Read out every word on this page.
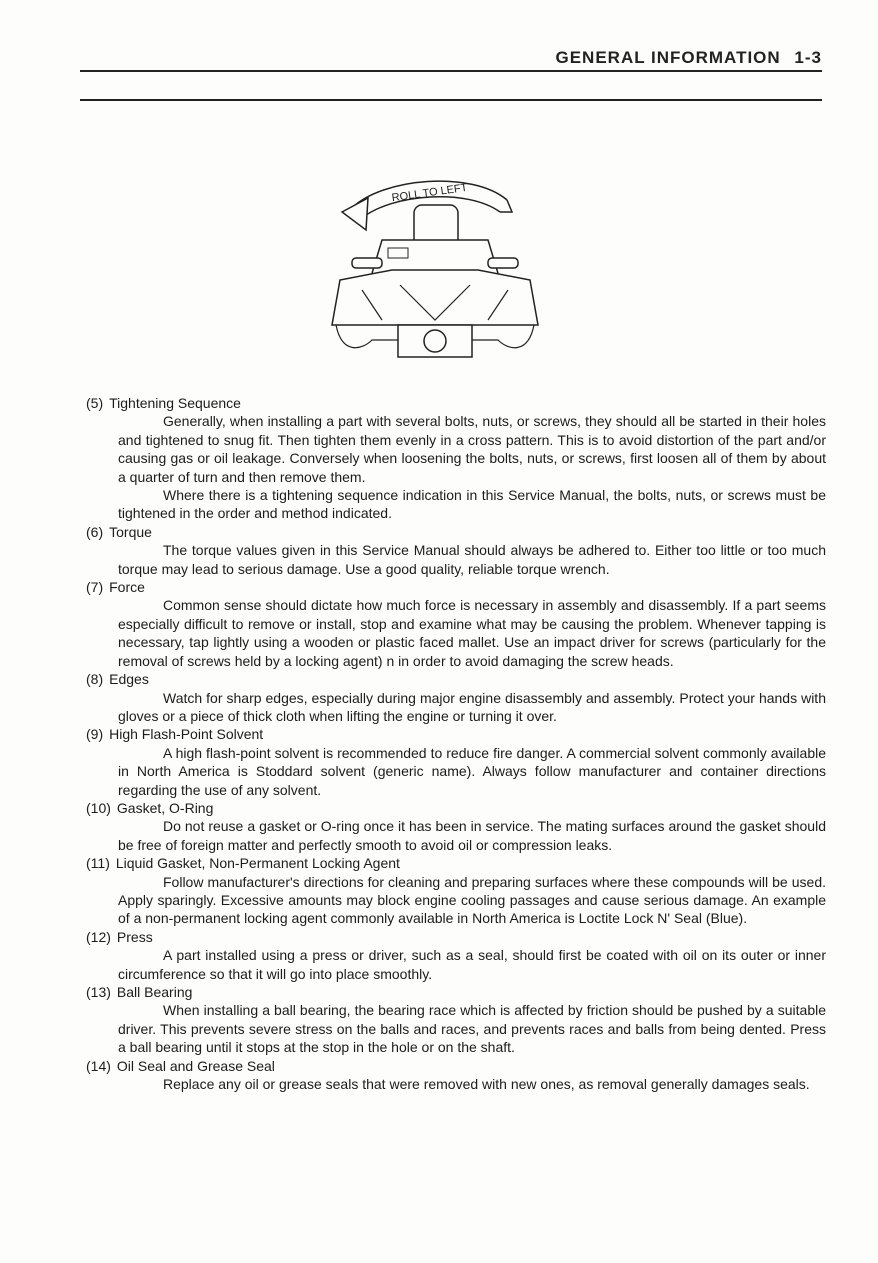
GENERAL INFORMATION 1-3
ROLL TO LEFT
(5) Tightening Sequence

Generally, when installing a part with several bolts, nuts, or screws, they should all be started in their holes and tightened to snug fit. Then tighten them evenly in a cross pattern. This is to avoid distortion of the part and/or causing gas or oil leakage. Conversely when loosening the bolts, nuts, or screws, first loosen all of them by about a quarter of turn and then remove them.

Where there is a tightening sequence indication in this Service Manual, the bolts, nuts, or screws must be tightened in the order and method indicated.

(6) Torque

The torque values given in this Service Manual should always be adhered to. Either too little or too much torque may lead to serious damage. Use a good quality, reliable torque wrench.

(7) Force

Common sense should dictate how much force is necessary in assembly and disassembly. If a part seems especially difficult to remove or install, stop and examine what may be causing the problem. Whenever tapping is necessary, tap lightly using a wooden or plastic faced mallet. Use an impact driver for screws (particularly for the removal of screws held by a locking agent) n in order to avoid damaging the screw heads.

(8) Edges

Watch for sharp edges, especially during major engine disassembly and assembly. Protect your hands with gloves or a piece of thick cloth when lifting the engine or turning it over.

(9) High Flash-Point Solvent

A high flash-point solvent is recommended to reduce fire danger. A commercial solvent commonly available in North America is Stoddard solvent (generic name). Always follow manufacturer and container directions regarding the use of any solvent.

(10) Gasket, O-Ring

Do not reuse a gasket or O-ring once it has been in service. The mating surfaces around the gasket should be free of foreign matter and perfectly smooth to avoid oil or compression leaks.

(11) Liquid Gasket, Non-Permanent Locking Agent

Follow manufacturer's directions for cleaning and preparing surfaces where these compounds will be used. Apply sparingly. Excessive amounts may block engine cooling passages and cause serious damage. An example of a non-permanent locking agent commonly available in North America is Loctite Lock N' Seal (Blue).

(12) Press

A part installed using a press or driver, such as a seal, should first be coated with oil on its outer or inner circumference so that it will go into place smoothly.

(13) Ball Bearing

When installing a ball bearing, the bearing race which is affected by friction should be pushed by a suitable driver. This prevents severe stress on the balls and races, and prevents races and balls from being dented. Press a ball bearing until it stops at the stop in the hole or on the shaft.

(14) Oil Seal and Grease Seal

Replace any oil or grease seals that were removed with new ones, as removal generally damages seals.
